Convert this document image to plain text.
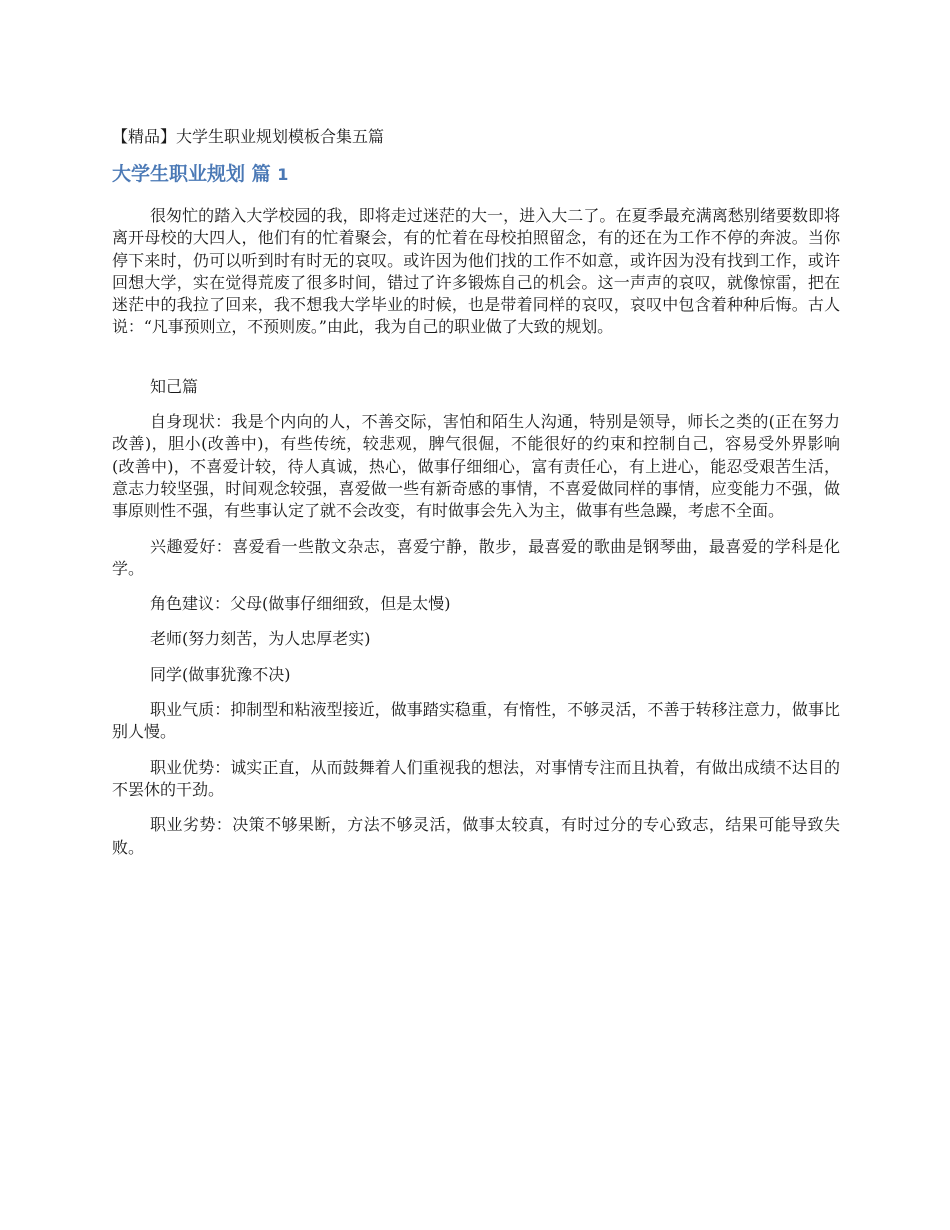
【精品】大学生职业规划模板合集五篇
大学生职业规划 篇 1

很匆忙的踏入大学校园的我，即将走过迷茫的大一，进入大二了。在夏季最充满离愁别绪要数即将离开母校的大四人，他们有的忙着聚会，有的忙着在母校拍照留念，有的还在为工作不停的奔波。当你停下来时，仍可以听到时有时无的哀叹。或许因为他们找的工作不如意，或许因为没有找到工作，或许回想大学，实在觉得荒废了很多时间，错过了许多锻炼自己的机会。这一声声的哀叹，就像惊雷，把在迷茫中的我拉了回来，我不想我大学毕业的时候，也是带着同样的哀叹，哀叹中包含着种种后悔。古人说：“凡事预则立，不预则废。”由此，我为自己的职业做了大致的规划。

知己篇

自身现状：我是个内向的人，不善交际，害怕和陌生人沟通，特别是领导，师长之类的(正在努力改善)，胆小(改善中)，有些传统，较悲观，脾气很倔，不能很好的约束和控制自己，容易受外界影响(改善中)，不喜爱计较，待人真诚，热心，做事仔细细心，富有责任心，有上进心，能忍受艰苦生活，意志力较坚强，时间观念较强，喜爱做一些有新奇感的事情，不喜爱做同样的事情，应变能力不强，做事原则性不强，有些事认定了就不会改变，有时做事会先入为主，做事有些急躁，考虑不全面。

兴趣爱好：喜爱看一些散文杂志，喜爱宁静，散步，最喜爱的歌曲是钢琴曲，最喜爱的学科是化学。

角色建议：父母(做事仔细细致，但是太慢)

老师(努力刻苦，为人忠厚老实)

同学(做事犹豫不决)

职业气质：抑制型和粘液型接近，做事踏实稳重，有惰性，不够灵活，不善于转移注意力，做事比别人慢。

职业优势：诚实正直，从而鼓舞着人们重视我的想法，对事情专注而且执着，有做出成绩不达目的不罢休的干劲。

职业劣势：决策不够果断，方法不够灵活，做事太较真，有时过分的专心致志，结果可能导致失败。
